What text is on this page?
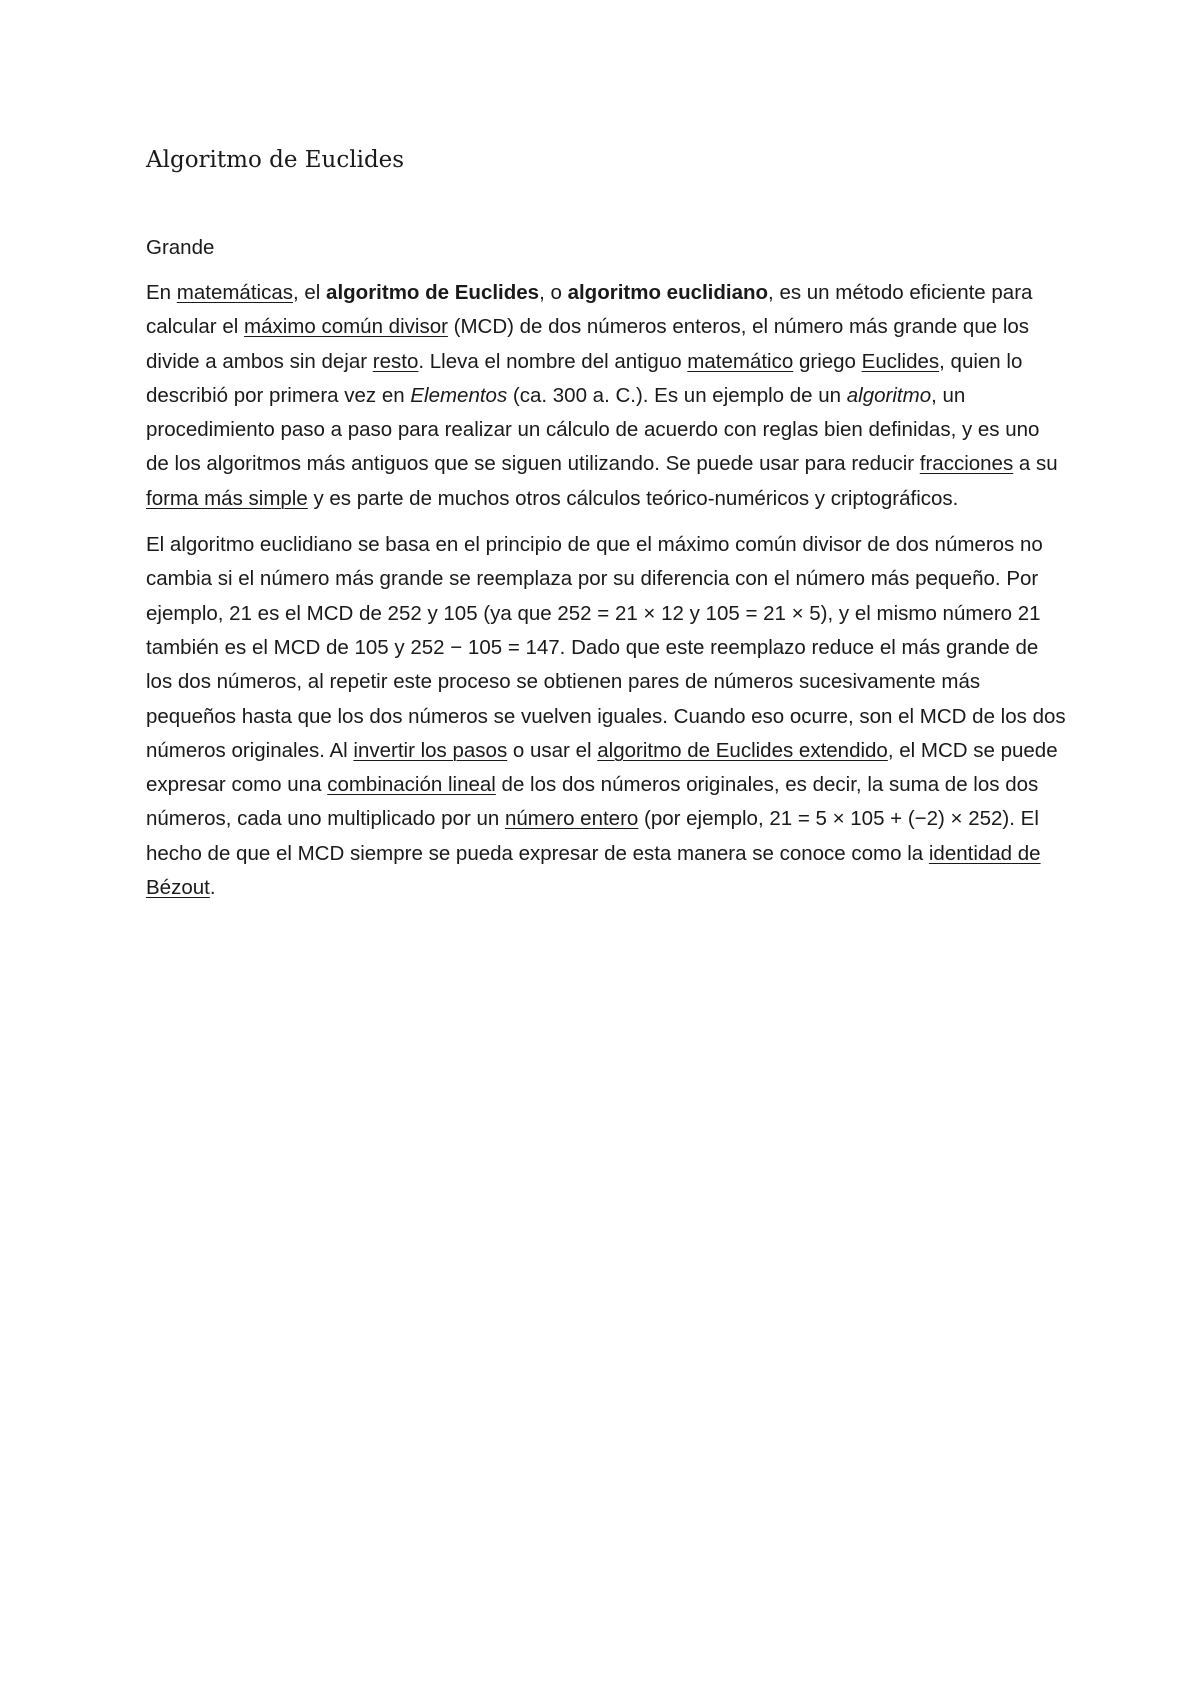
Algoritmo de Euclides

Grande

En matemáticas, el algoritmo de Euclides, o algoritmo euclidiano, es un método eficiente para calcular el máximo común divisor (MCD) de dos números enteros, el número más grande que los divide a ambos sin dejar resto. Lleva el nombre del antiguo matemático griego Euclides, quien lo describió por primera vez en Elementos (ca. 300 a. C.). Es un ejemplo de un algoritmo, un procedimiento paso a paso para realizar un cálculo de acuerdo con reglas bien definidas, y es uno de los algoritmos más antiguos que se siguen utilizando. Se puede usar para reducir fracciones a su forma más simple y es parte de muchos otros cálculos teórico-numéricos y criptográficos.

El algoritmo euclidiano se basa en el principio de que el máximo común divisor de dos números no cambia si el número más grande se reemplaza por su diferencia con el número más pequeño. Por ejemplo, 21 es el MCD de 252 y 105 (ya que 252 = 21 × 12 y 105 = 21 × 5), y el mismo número 21 también es el MCD de 105 y 252 − 105 = 147. Dado que este reemplazo reduce el más grande de los dos números, al repetir este proceso se obtienen pares de números sucesivamente más pequeños hasta que los dos números se vuelven iguales. Cuando eso ocurre, son el MCD de los dos números originales. Al invertir los pasos o usar el algoritmo de Euclides extendido, el MCD se puede expresar como una combinación lineal de los dos números originales, es decir, la suma de los dos números, cada uno multiplicado por un número entero (por ejemplo, 21 = 5 × 105 + (−2) × 252). El hecho de que el MCD siempre se pueda expresar de esta manera se conoce como la identidad de Bézout.
